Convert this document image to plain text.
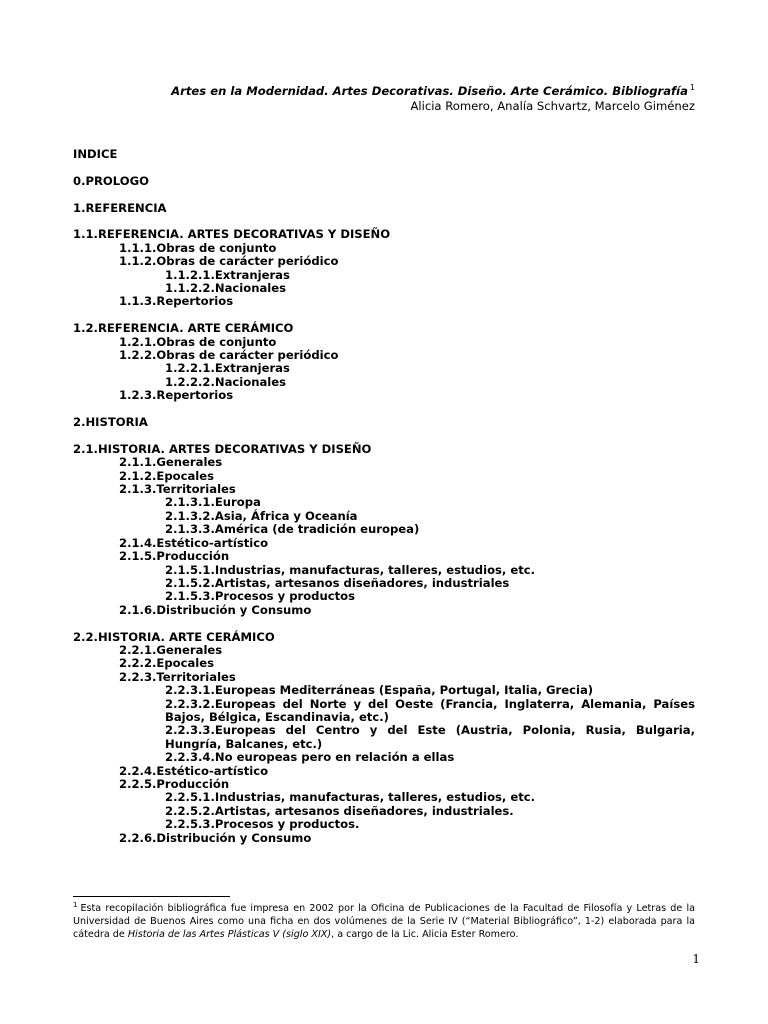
Artes en la Modernidad. Artes Decorativas. Diseño. Arte Cerámico. Bibliografía $^1$
Alicia Romero, Analía Schvartz, Marcelo Giménez
INDICE
0.PROLOGO
1.REFERENCIA
1.1.REFERENCIA. ARTES DECORATIVAS Y DISEÑO
1.1.1.Obras de conjunto
1.1.2.Obras de carácter periódico
1.1.2.1.Extranjeras
1.1.2.2.Nacionales
1.1.3.Repertorios
1.2.REFERENCIA. ARTE CERÁMICO
1.2.1.Obras de conjunto
1.2.2.Obras de carácter periódico
1.2.2.1.Extranjeras
1.2.2.2.Nacionales
1.2.3.Repertorios
2.HISTORIA
2.1.HISTORIA. ARTES DECORATIVAS Y DISEÑO
2.1.1.Generales
2.1.2.Epocales
2.1.3.Territoriales
2.1.3.1.Europa
2.1.3.2.Asia, África y Oceanía
2.1.3.3.América (de tradición europea)
2.1.4.Estético-artístico
2.1.5.Producción
2.1.5.1.Industrias, manufacturas, talleres, estudios, etc.
2.1.5.2.Artistas, artesanos diseñadores, industriales
2.1.5.3.Procesos y productos
2.1.6.Distribución y Consumo
2.2.HISTORIA. ARTE CERÁMICO
2.2.1.Generales
2.2.2.Epocales
2.2.3.Territoriales
2.2.3.1.Europeas Mediterráneas (España, Portugal, Italia, Grecia)
2.2.3.2.Europeas del Norte y del Oeste (Francia, Inglaterra, Alemania, Países Bajos, Bélgica, Escandinavia, etc.)
2.2.3.3.Europeas del Centro y del Este (Austria, Polonia, Rusia, Bulgaria, Hungría, Balcanes, etc.)
2.2.3.4.No europeas pero en relación a ellas
2.2.4.Estético-artístico
2.2.5.Producción
2.2.5.1.Industrias, manufacturas, talleres, estudios, etc.
2.2.5.2.Artistas, artesanos diseñadores, industriales.
2.2.5.3.Procesos y productos.
2.2.6.Distribución y Consumo
$^1$ Esta recopilación bibliográfica fue impresa en 2002 por la Oficina de Publicaciones de la Facultad de Filosofía y Letras de la Universidad de Buenos Aires como una ficha en dos volúmenes de la Serie IV (“Material Bibliográfico”, 1-2) elaborada para la cátedra de Historia de las Artes Plásticas V (siglo XIX), a cargo de la Lic. Alicia Ester Romero.
1
